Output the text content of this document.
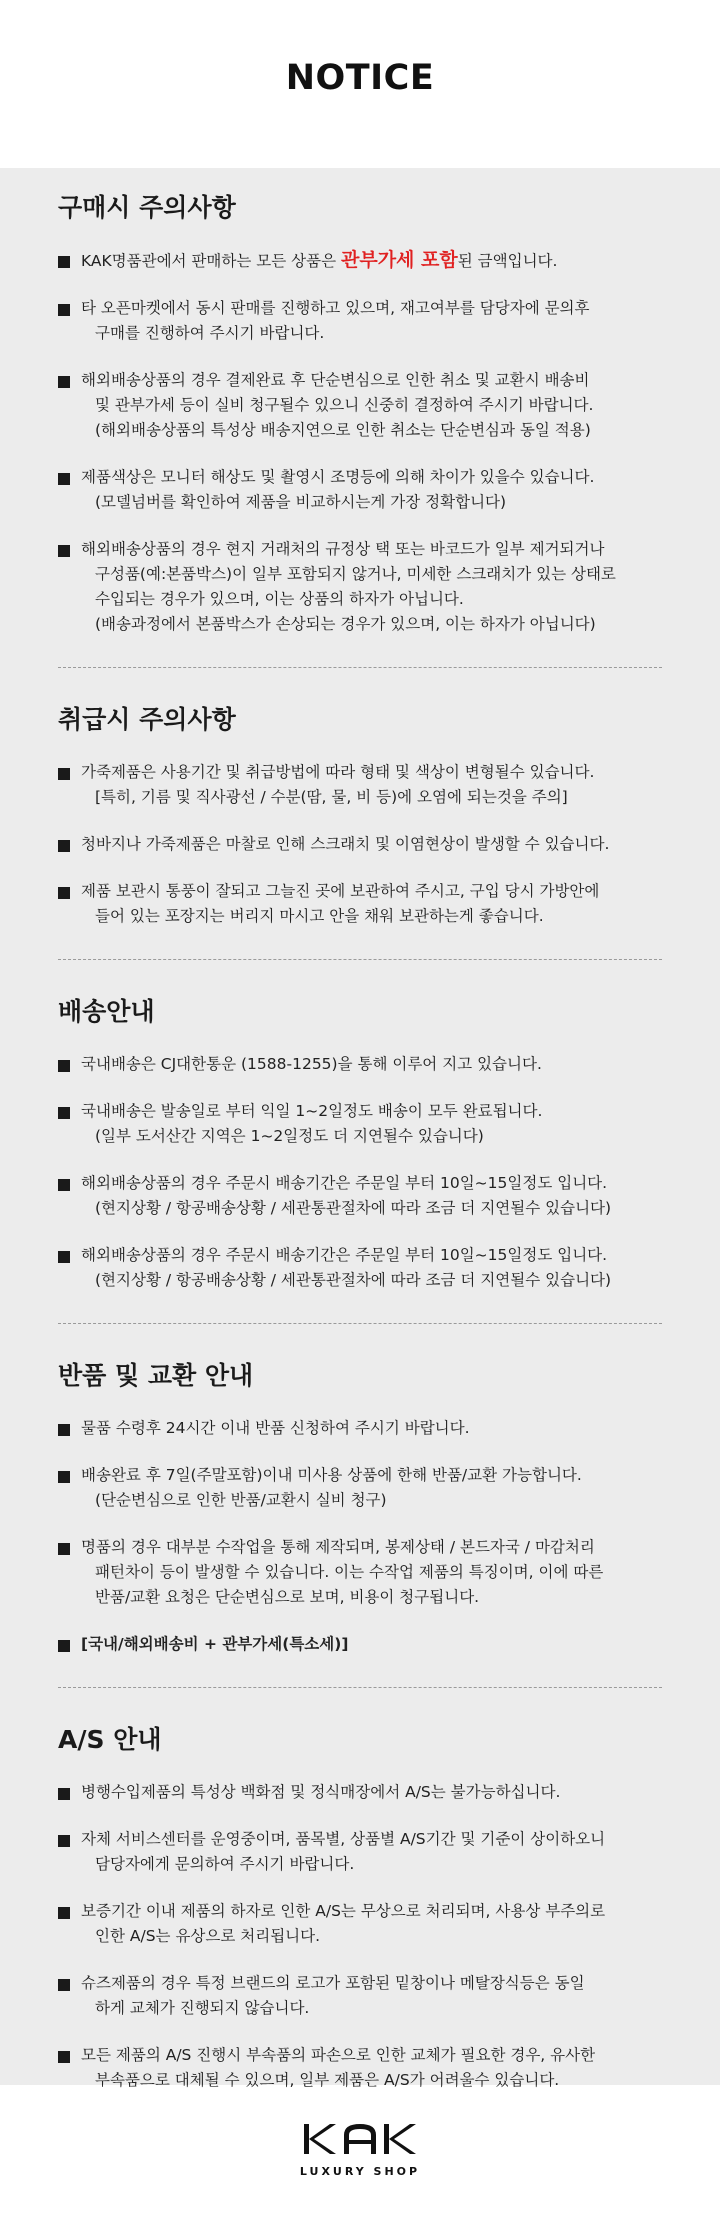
NOTICE
구매시 주의사항
KAK명품관에서 판매하는 모든 상품은 관부가세 포함된 금액입니다.
타 오픈마켓에서 동시 판매를 진행하고 있으며, 재고여부를 담당자에 문의후
구매를 진행하여 주시기 바랍니다.
해외배송상품의 경우 결제완료 후 단순변심으로 인한 취소 및 교환시 배송비
및 관부가세 등이 실비 청구될수 있으니 신중히 결정하여 주시기 바랍니다.
(해외배송상품의 특성상 배송지연으로 인한 취소는 단순변심과 동일 적용)
제품색상은 모니터 해상도 및 촬영시 조명등에 의해 차이가 있을수 있습니다.
(모델넘버를 확인하여 제품을 비교하시는게 가장 정확합니다)
해외배송상품의 경우 현지 거래처의 규정상 택 또는 바코드가 일부 제거되거나
구성품(예:본품박스)이 일부 포함되지 않거나, 미세한 스크래치가 있는 상태로
수입되는 경우가 있으며, 이는 상품의 하자가 아닙니다.
(배송과정에서 본품박스가 손상되는 경우가 있으며, 이는 하자가 아닙니다)
취급시 주의사항
가죽제품은 사용기간 및 취급방법에 따라 형태 및 색상이 변형될수 있습니다.
[특히, 기름 및 직사광선 / 수분(땀, 물, 비 등)에 오염에 되는것을 주의]
청바지나 가죽제품은 마찰로 인해 스크래치 및 이염현상이 발생할 수 있습니다.
제품 보관시 통풍이 잘되고 그늘진 곳에 보관하여 주시고, 구입 당시 가방안에
들어 있는 포장지는 버리지 마시고 안을 채워 보관하는게 좋습니다.
배송안내
국내배송은 CJ대한통운 (1588-1255)을 통해 이루어 지고 있습니다.
국내배송은 발송일로 부터 익일 1~2일정도 배송이 모두 완료됩니다.
(일부 도서산간 지역은 1~2일정도 더 지연될수 있습니다)
해외배송상품의 경우 주문시 배송기간은 주문일 부터 10일~15일정도 입니다.
(현지상황 / 항공배송상황 / 세관통관절차에 따라 조금 더 지연될수 있습니다)
해외배송상품의 경우 주문시 배송기간은 주문일 부터 10일~15일정도 입니다.
(현지상황 / 항공배송상황 / 세관통관절차에 따라 조금 더 지연될수 있습니다)
반품 및 교환 안내
물품 수령후 24시간 이내 반품 신청하여 주시기 바랍니다.
배송완료 후 7일(주말포함)이내 미사용 상품에 한해 반품/교환 가능합니다.
(단순변심으로 인한 반품/교환시 실비 청구)
명품의 경우 대부분 수작업을 통해 제작되며, 봉제상태 / 본드자국 / 마감처리
패턴차이 등이 발생할 수 있습니다. 이는 수작업 제품의 특징이며, 이에 따른
반품/교환 요청은 단순변심으로 보며, 비용이 청구됩니다.
[국내/해외배송비 + 관부가세(특소세)]
A/S 안내
병행수입제품의 특성상 백화점 및 정식매장에서 A/S는 불가능하십니다.
자체 서비스센터를 운영중이며, 품목별, 상품별 A/S기간 및 기준이 상이하오니
담당자에게 문의하여 주시기 바랍니다.
보증기간 이내 제품의 하자로 인한 A/S는 무상으로 처리되며, 사용상 부주의로
인한 A/S는 유상으로 처리됩니다.
슈즈제품의 경우 특정 브랜드의 로고가 포함된 밑창이나 메탈장식등은 동일
하게 교체가 진행되지 않습니다.
모든 제품의 A/S 진행시 부속품의 파손으로 인한 교체가 필요한 경우, 유사한
부속품으로 대체될 수 있으며, 일부 제품은 A/S가 어려울수 있습니다.
LUXURY SHOP
